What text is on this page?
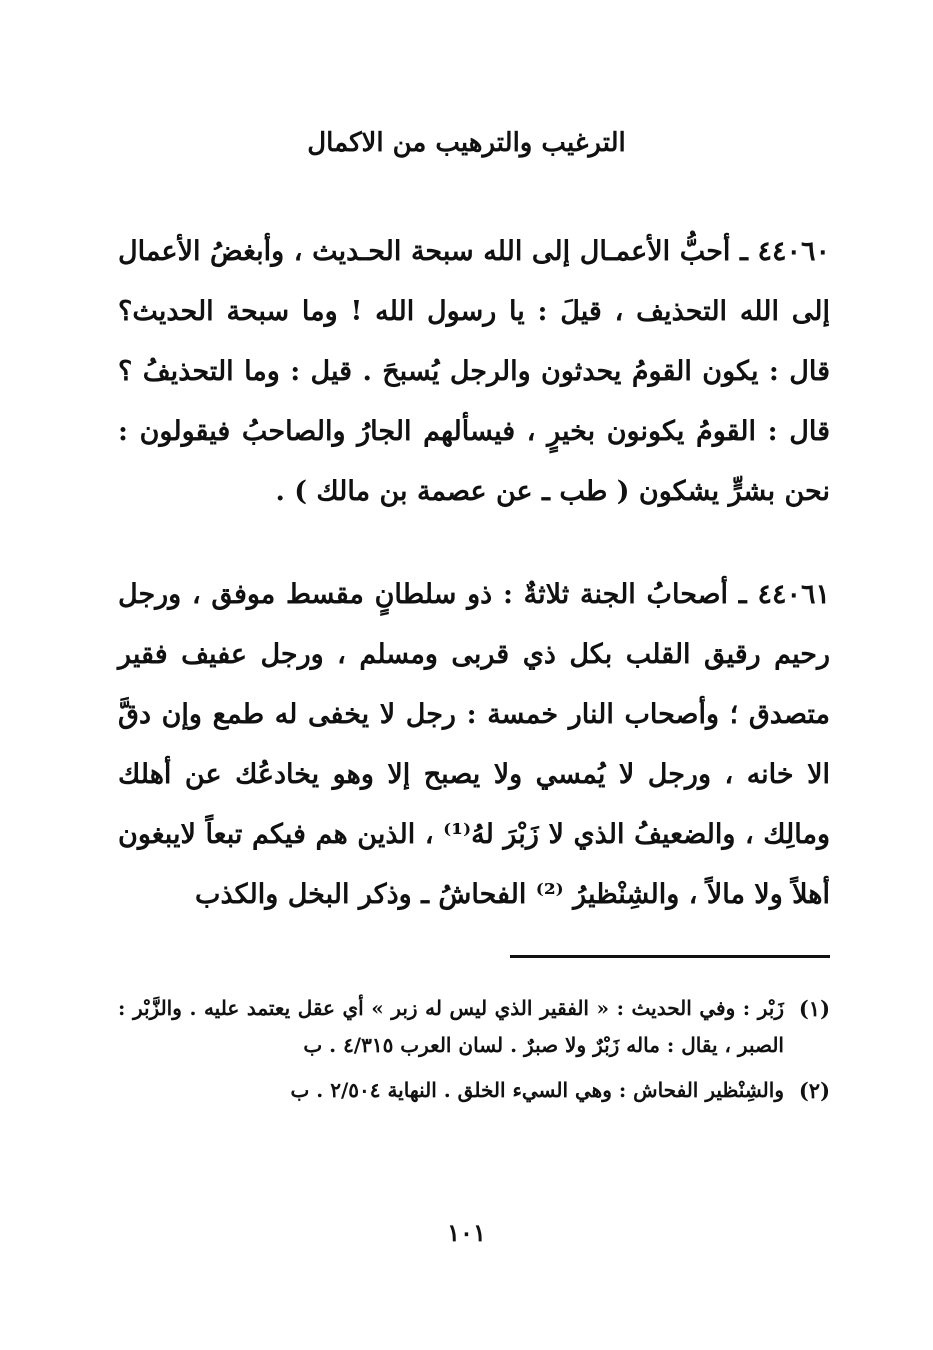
الترغيب والترهيب من الاكمال

٤٤٠٦٠ ـ أحبُّ الأعمـال إلى الله سبحة الحـديث ، وأبغضُ الأعمال إلى الله التحذيف ، قيلَ : يا رسول الله ! وما سبحة الحديث؟ قال : يكون القومُ يحدثون والرجل يُسبحَ . قيل : وما التحذيفُ ؟ قال : القومُ يكونون بخيرٍ ، فيسألهم الجارُ والصاحبُ فيقولون : نحن بشرٍّ يشكون ( طب ـ عن عصمة بن مالك ) .

٤٤٠٦١ ـ أصحابُ الجنة ثلاثةٌ : ذو سلطانٍ مقسط موفق ، ورجل رحيم رقيق القلب بكل ذي قربى ومسلم ، ورجل عفيف فقير متصدق ؛ وأصحاب النار خمسة : رجل لا يخفى له طمع وإن دقَّ الا خانه ، ورجل لا يُمسي ولا يصبح إلا وهو يخادعُك عن أهلك ومالِك ، والضعيفُ الذي لا زَبْرَ لهُ⁽¹⁾ ، الذين هم فيكم تبعاً لايبغون أهلاً ولا مالاً ، والشِنْظيرُ ⁽²⁾ الفحاشُ ـ وذكر البخل والكذب

(١)
زَبْر : وفي الحديث : « الفقير الذي ليس له زبر » أي عقل يعتمد عليه . والزَّبْر : الصبر ، يقال : ماله زَبْرٌ ولا صبرٌ . لسان العرب ٤/٣١٥ . ب
(٢)
والشِنْظير الفحاش : وهي السيء الخلق . النهاية ٢/٥٠٤ . ب
١٠١
